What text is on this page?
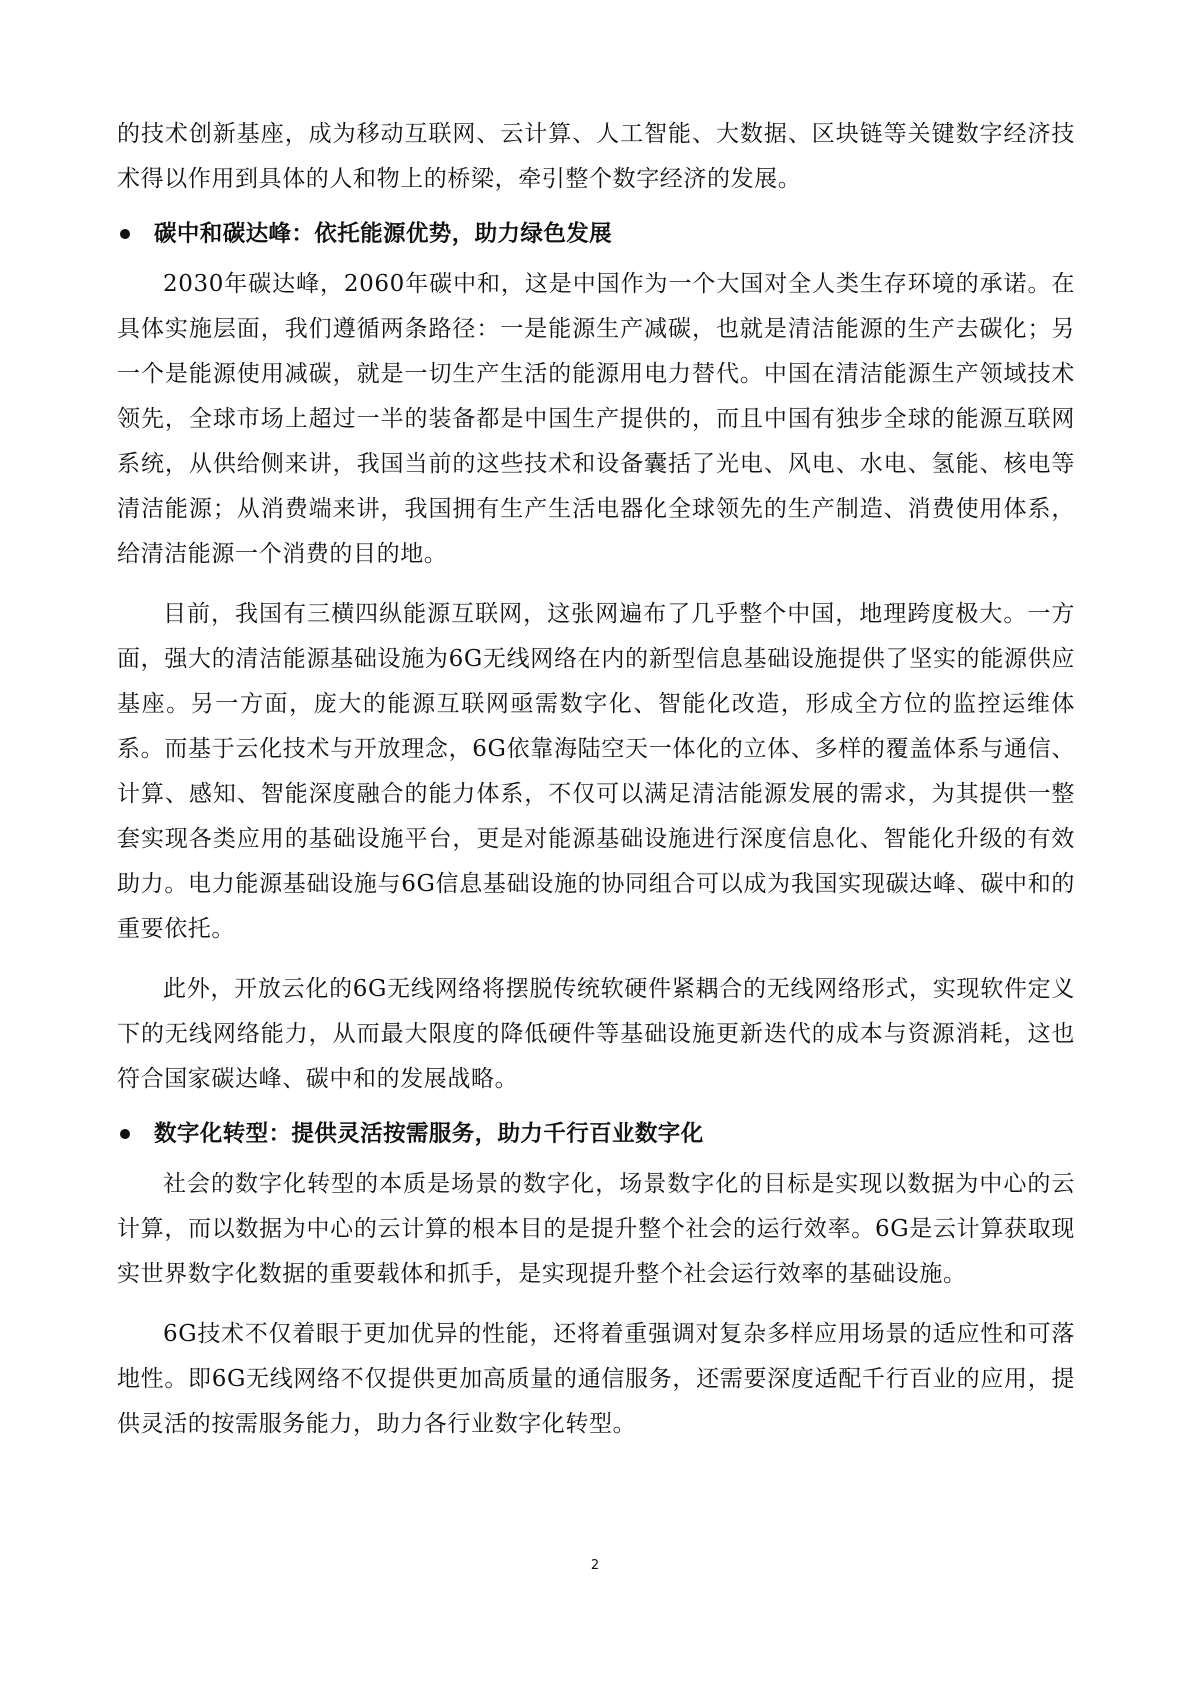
的技术创新基座，成为移动互联网、云计算、人工智能、大数据、区块链等关键数字经济技术得以作用到具体的人和物上的桥梁，牵引整个数字经济的发展。

碳中和碳达峰：依托能源优势，助力绿色发展

2030年碳达峰，2060年碳中和，这是中国作为一个大国对全人类生存环境的承诺。在具体实施层面，我们遵循两条路径：一是能源生产减碳，也就是清洁能源的生产去碳化；另一个是能源使用减碳，就是一切生产生活的能源用电力替代。中国在清洁能源生产领域技术领先，全球市场上超过一半的装备都是中国生产提供的，而且中国有独步全球的能源互联网系统，从供给侧来讲，我国当前的这些技术和设备囊括了光电、风电、水电、氢能、核电等清洁能源；从消费端来讲，我国拥有生产生活电器化全球领先的生产制造、消费使用体系，给清洁能源一个消费的目的地。

目前，我国有三横四纵能源互联网，这张网遍布了几乎整个中国，地理跨度极大。一方面，强大的清洁能源基础设施为6G无线网络在内的新型信息基础设施提供了坚实的能源供应基座。另一方面，庞大的能源互联网亟需数字化、智能化改造，形成全方位的监控运维体系。而基于云化技术与开放理念，6G依靠海陆空天一体化的立体、多样的覆盖体系与通信、计算、感知、智能深度融合的能力体系，不仅可以满足清洁能源发展的需求，为其提供一整套实现各类应用的基础设施平台，更是对能源基础设施进行深度信息化、智能化升级的有效助力。电力能源基础设施与6G信息基础设施的协同组合可以成为我国实现碳达峰、碳中和的重要依托。

此外，开放云化的6G无线网络将摆脱传统软硬件紧耦合的无线网络形式，实现软件定义下的无线网络能力，从而最大限度的降低硬件等基础设施更新迭代的成本与资源消耗，这也符合国家碳达峰、碳中和的发展战略。

数字化转型：提供灵活按需服务，助力千行百业数字化

社会的数字化转型的本质是场景的数字化，场景数字化的目标是实现以数据为中心的云计算，而以数据为中心的云计算的根本目的是提升整个社会的运行效率。6G是云计算获取现实世界数字化数据的重要载体和抓手，是实现提升整个社会运行效率的基础设施。

6G技术不仅着眼于更加优异的性能，还将着重强调对复杂多样应用场景的适应性和可落地性。即6G无线网络不仅提供更加高质量的通信服务，还需要深度适配千行百业的应用，提供灵活的按需服务能力，助力各行业数字化转型。

2
